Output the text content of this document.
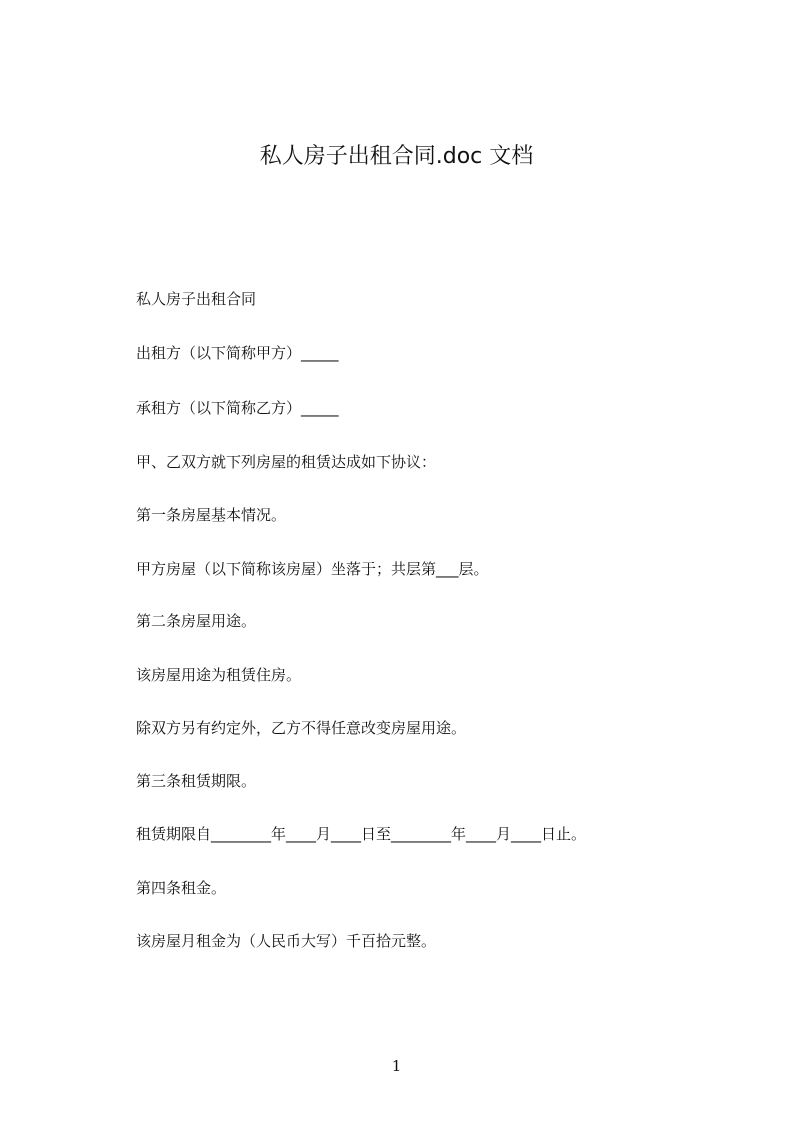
私人房子出租合同.doc 文档
私人房子出租合同
出租方（以下简称甲方）_____
承租方（以下简称乙方）_____
甲、乙双方就下列房屋的租赁达成如下协议：
第一条房屋基本情况。
甲方房屋（以下简称该房屋）坐落于；共层第___层。
第二条房屋用途。
该房屋用途为租赁住房。
除双方另有约定外，乙方不得任意改变房屋用途。
第三条租赁期限。
租赁期限自________年____月____日至________年____月____日止。
第四条租金。
该房屋月租金为（人民币大写）千百拾元整。
1
